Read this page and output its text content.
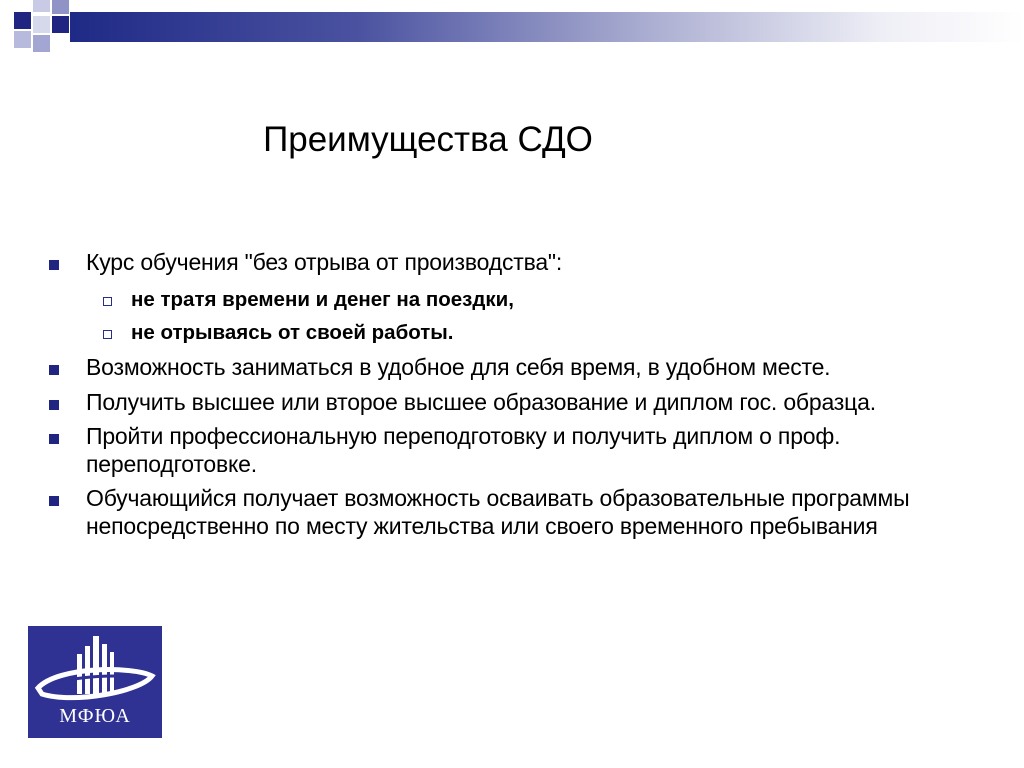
Преимущества СДО
Курс обучения "без отрыва от производства":
не тратя времени и денег на поездки,
не отрываясь от своей работы.
Возможность заниматься в удобное для себя время, в удобном месте.
Получить высшее или второе высшее образование и диплом гос. образца.
Пройти профессиональную переподготовку и получить диплом о проф. переподготовке.
Обучающийся получает возможность осваивать образовательные программы непосредственно по месту жительства или своего временного пребывания
МФЮА
